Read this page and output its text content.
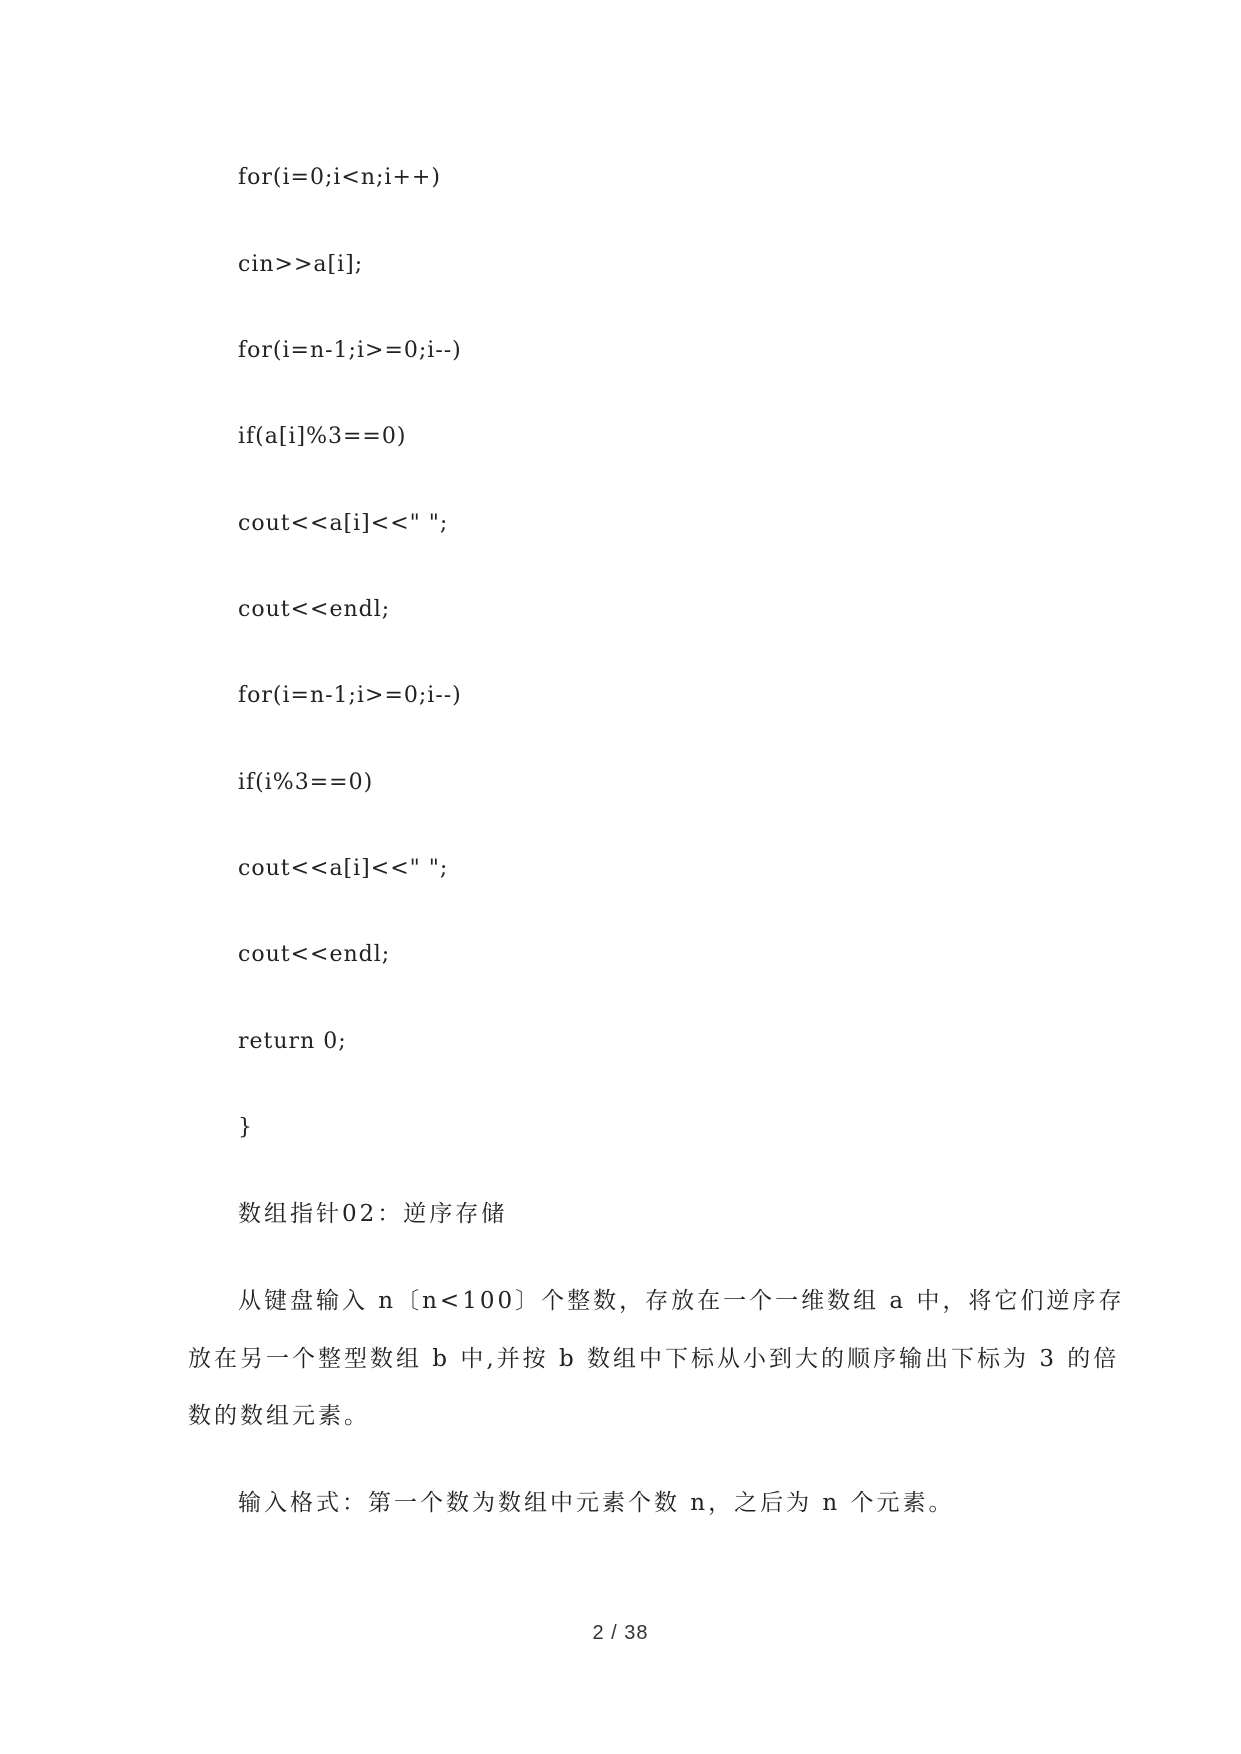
for(i=0;i<n;i++)

cin>>a[i];

for(i=n-1;i>=0;i--)

if(a[i]%3==0)

cout<<a[i]<<" ";

cout<<endl;

for(i=n-1;i>=0;i--)

if(i%3==0)

cout<<a[i]<<" ";

cout<<endl;

return 0;

}

数组指针02：逆序存储

从键盘输入 n〔n<100〕个整数，存放在一个一维数组 a 中，将它们逆序存

放在另一个整型数组 b 中,并按 b 数组中下标从小到大的顺序输出下标为 3 的倍

数的数组元素。

输入格式：第一个数为数组中元素个数 n，之后为 n 个元素。

2 / 38
